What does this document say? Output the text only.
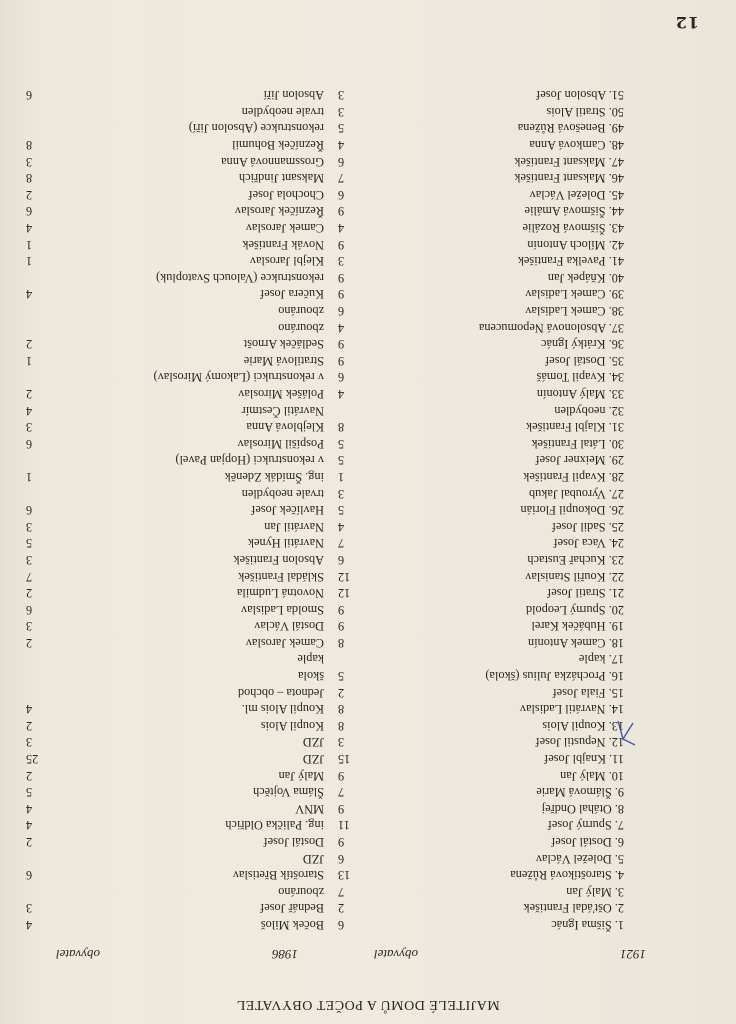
MAJITELÉ DOMŮ A POČET OBYVATEL
1921
obyvatel
1986
obyvatel
1. Šišma Ignác
6
Boček Miloš
4
2. Ošťádal František
2
Bednář Josef
3
3. Malý Jan
7
zbouráno
4. Staroštíková Růžena
13
Staroštík Břetislav
6
5. Doležel Václav
6
JZD
6. Dostál Josef
9
Dostál Josef
2
7. Spurný Josef
11
ing. Palička Oldřich
4
8. Otáhal Ondřej
9
MNV
4
9. Šlámová Marie
7
Šláma Vojtěch
5
10. Malý Jan
9
Malý Jan
2
11. Knajbl Josef
15
JZD
25
12. Nepustil Josef
3
JZD
3
13. Koupil Alois
8
Koupil Alois
2
14. Navrátil Ladislav
8
Koupil Alois ml.
4
15. Fiala Josef
2
Jednota – obchod
16. Procházka Julius (škola)
5
škola
17. kaple
kaple
18. Camek Antonín
8
Camek Jaroslav
2
19. Hubáček Karel
9
Dostál Václav
3
20. Spurný Leopold
9
Smolda Ladislav
6
21. Stratil Josef
12
Novotná Ludmila
2
22. Kouřil Stanislav
12
Skládal František
7
23. Kuchař Eustach
6
Absolon František
3
24. Vaca Josef
7
Navrátil Hynek
5
25. Sadil Josef
4
Navrátil Jan
3
26. Dokoupil Florián
5
Havlíček Josef
6
27. Vyroubal Jakub
3
trvale neobydlen
28. Kvapil František
1
ing. Šmídák Zdeněk
1
29. Meixner Josef
5
v rekonstrukci (Hopjan Pavel)
30. Látal František
5
Pospíšil Miroslav
6
31. Klajbl František
8
Klejblová Anna
3
32. neobydlen
Navrátil Čestmír
4
33. Malý Antonín
4
Polášek Miroslav
2
34. Kvapil Tomáš
6
v rekonstrukci (Lakomý Miroslav)
35. Dostál Josef
9
Stratilová Marie
1
36. Krátký Ignác
9
Sedláček Arnošt
2
37. Absolonová Nepomucena
4
zbouráno
38. Camek Ladislav
6
zbouráno
39. Camek Ladislav
9
Kučera Josef
4
40. Kňápek Jan
9
rekonstrukce (Valouch Svatopluk)
41. Pavelka František
3
Klejbl Jaroslav
1
42. Míloch Antonín
9
Novák František
1
43. Šišmová Rozálie
4
Camek Jaroslav
4
44. Šišmová Amálie
9
Řezníček Jaroslav
6
45. Doležel Václav
6
Chochola Josef
2
46. Maksant František
7
Maksant Jindřich
8
47. Maksant František
6
Grossmannová Anna
3
48. Camková Anna
4
Řezníček Bohumil
8
49. Benešová Růžena
5
rekonstrukce (Absolon Jiří)
50. Stratil Alois
3
trvale neobydlen
51. Absolon Josef
3
Absolon Jiří
6
12
